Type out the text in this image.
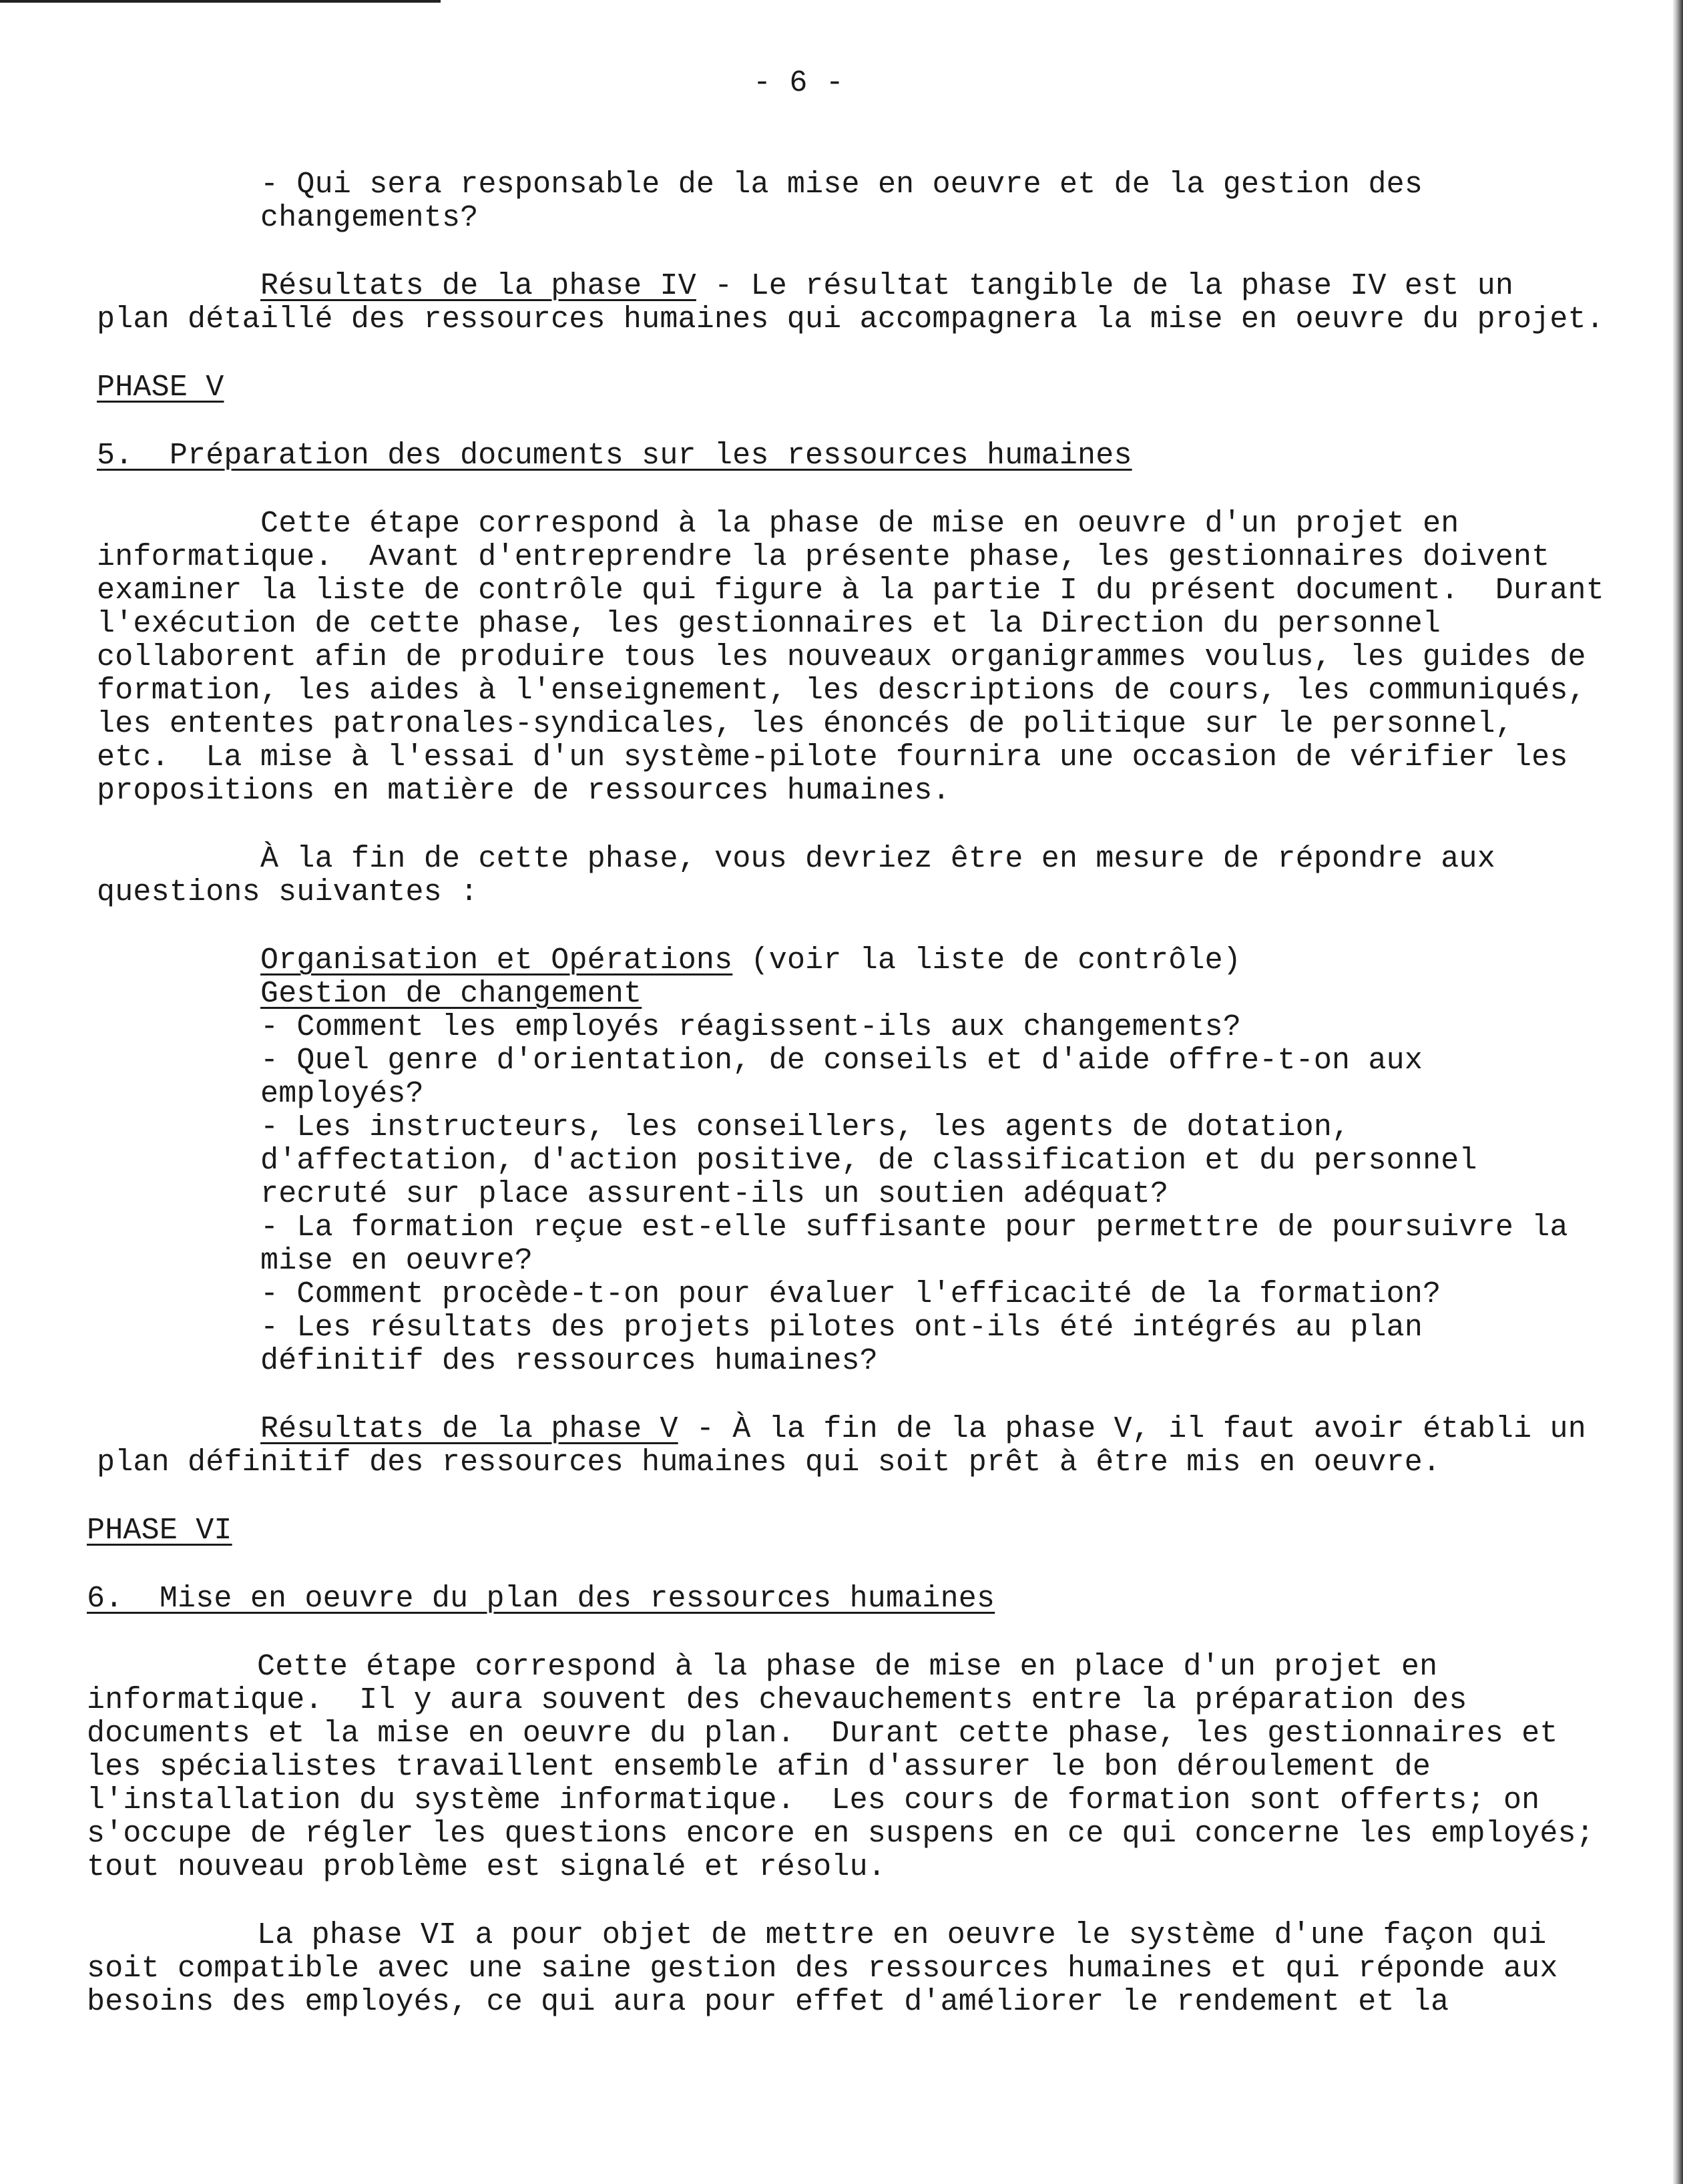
- 6 -
- Qui sera responsable de la mise en oeuvre et de la gestion des
changements?
Résultats de la phase IV - Le résultat tangible de la phase IV est un
plan détaillé des ressources humaines qui accompagnera la mise en oeuvre du projet.
PHASE V
5.  Préparation des documents sur les ressources humaines
Cette étape correspond à la phase de mise en oeuvre d'un projet en
informatique.  Avant d'entreprendre la présente phase, les gestionnaires doivent
examiner la liste de contrôle qui figure à la partie I du présent document.  Durant
l'exécution de cette phase, les gestionnaires et la Direction du personnel
collaborent afin de produire tous les nouveaux organigrammes voulus, les guides de
formation, les aides à l'enseignement, les descriptions de cours, les communiqués,
les ententes patronales-syndicales, les énoncés de politique sur le personnel,
etc.  La mise à l'essai d'un système-pilote fournira une occasion de vérifier les
propositions en matière de ressources humaines.
À la fin de cette phase, vous devriez être en mesure de répondre aux
questions suivantes :
Organisation et Opérations (voir la liste de contrôle)
Gestion de changement
- Comment les employés réagissent-ils aux changements?
- Quel genre d'orientation, de conseils et d'aide offre-t-on aux
employés?
- Les instructeurs, les conseillers, les agents de dotation,
d'affectation, d'action positive, de classification et du personnel
recruté sur place assurent-ils un soutien adéquat?
- La formation reçue est-elle suffisante pour permettre de poursuivre la
mise en oeuvre?
- Comment procède-t-on pour évaluer l'efficacité de la formation?
- Les résultats des projets pilotes ont-ils été intégrés au plan
définitif des ressources humaines?
Résultats de la phase V - À la fin de la phase V, il faut avoir établi un
plan définitif des ressources humaines qui soit prêt à être mis en oeuvre.
PHASE VI
6.  Mise en oeuvre du plan des ressources humaines
Cette étape correspond à la phase de mise en place d'un projet en
informatique.  Il y aura souvent des chevauchements entre la préparation des
documents et la mise en oeuvre du plan.  Durant cette phase, les gestionnaires et
les spécialistes travaillent ensemble afin d'assurer le bon déroulement de
l'installation du système informatique.  Les cours de formation sont offerts; on
s'occupe de régler les questions encore en suspens en ce qui concerne les employés;
tout nouveau problème est signalé et résolu.
La phase VI a pour objet de mettre en oeuvre le système d'une façon qui
soit compatible avec une saine gestion des ressources humaines et qui réponde aux
besoins des employés, ce qui aura pour effet d'améliorer le rendement et la
